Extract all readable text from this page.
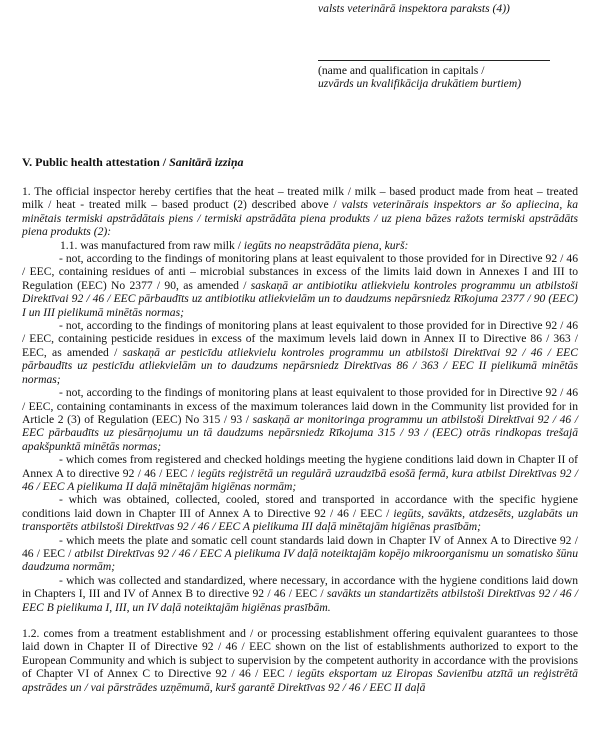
valsts veterinārā inspektora paraksts (4))
(name and qualification in capitals /
uzvārds un kvalifikācija drukātiem burtiem)
V. Public health attestation / Sanitārā izziņa

1. The official inspector hereby certifies that the heat – treated milk / milk – based product made from heat – treated milk / heat - treated milk – based product (2) described above / valsts veterinārais inspektors ar šo apliecina, ka minētais termiski apstrādātais piens / termiski apstrādāta piena produkts / uz piena bāzes ražots termiski apstrādāts piena produkts (2):

1.1. was manufactured from raw milk / iegūts no neapstrādāta piena, kurš:

- not, according to the findings of monitoring plans at least equivalent to those provided for in Directive 92 / 46 / EEC, containing residues of anti – microbial substances in excess of the limits laid down in Annexes I and III to Regulation (EEC) No 2377 / 90, as amended / saskaņā ar antibiotiku atliekvielu kontroles programmu un atbilstoši Direktīvai 92 / 46 / EEC pārbaudīts uz antibiotiku atliekvielām un to daudzums nepārsniedz Rīkojuma 2377 / 90 (EEC) I un III pielikumā minētās normas;

- not, according to the findings of monitoring plans at least equivalent to those provided for in Directive 92 / 46 / EEC, containing pesticide residues in excess of the maximum levels laid down in Annex II to Directive 86 / 363 / EEC, as amended / saskaņā ar pesticīdu atliekvielu kontroles programmu un atbilstoši Direktīvai 92 / 46 / EEC pārbaudīts uz pesticīdu atliekvielām un to daudzums nepārsniedz Direktīvas 86 / 363 / EEC II pielikumā minētās normas;

- not, according to the findings of monitoring plans at least equivalent to those provided for in Directive 92 / 46 / EEC, containing contaminants in excess of the maximum tolerances laid down in the Community list provided for in Article 2 (3) of Regulation (EEC) No 315 / 93 / saskaņā ar monitoringa programmu un atbilstoši Direktīvai 92 / 46 / EEC pārbaudīts uz piesārņojumu un tā daudzums nepārsniedz Rīkojuma 315 / 93 / (EEC) otrās rindkopas trešajā apakšpunktā minētās normas;

- which comes from registered and checked holdings meeting the hygiene conditions laid down in Chapter II of Annex A to directive 92 / 46 / EEC / iegūts reģistrētā un regulārā uzraudzībā esošā fermā, kura atbilst Direktīvas 92 / 46 / EEC A pielikuma II daļā minētajām higiēnas normām;

- which was obtained, collected, cooled, stored and transported in accordance with the specific hygiene conditions laid down in Chapter III of Annex A to Directive 92 / 46 / EEC / iegūts, savākts, atdzesēts, uzglabāts un transportēts atbilstoši Direktīvas 92 / 46 / EEC A pielikuma III daļā minētajām higiēnas prasībām;

- which meets the plate and somatic cell count standards laid down in Chapter IV of Annex A to Directive 92 / 46 / EEC / atbilst Direktīvas 92 / 46 / EEC A pielikuma IV daļā noteiktajām kopējo mikroorganismu un somatisko šūnu daudzuma normām;

- which was collected and standardized, where necessary, in accordance with the hygiene conditions laid down in Chapters I, III and IV of Annex B to directive 92 / 46 / EEC / savākts un standartizēts atbilstoši Direktīvas 92 / 46 / EEC B pielikuma I, III, un IV daļā noteiktajām higiēnas prasībām.

1.2. comes from a treatment establishment and / or processing establishment offering equivalent guarantees to those laid down in Chapter II of Directive 92 / 46 / EEC shown on the list of establishments authorized to export to the European Community and which is subject to supervision by the competent authority in accordance with the provisions of Chapter VI of Annex C to Directive 92 / 46 / EEC / iegūts eksportam uz Eiropas Savienību atzītā un reģistrētā apstrādes un / vai pārstrādes uzņēmumā, kurš garantē Direktīvas 92 / 46 / EEC II daļā
